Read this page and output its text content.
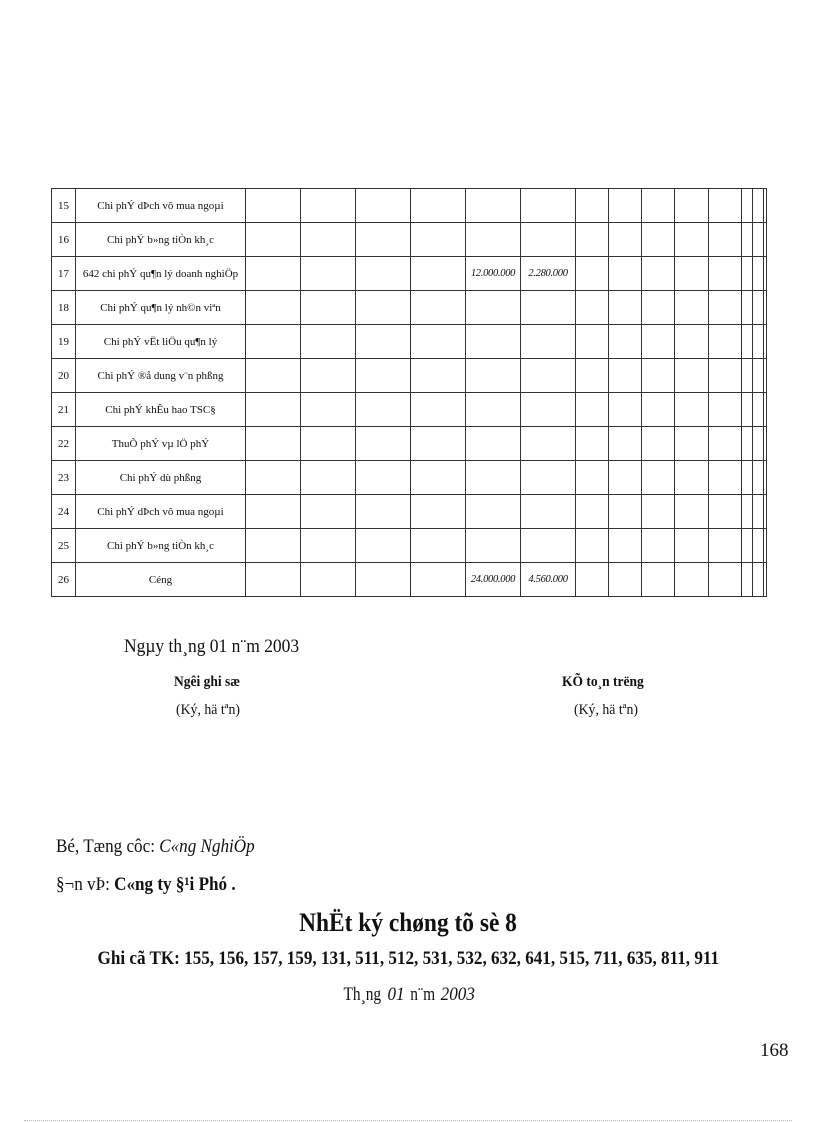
15	Chi phÝ dÞch vô mua ngoµi														
16	Chi phÝ b»ng tiÒn kh¸c														
17	642 chi phÝ qu¶n lý doanh nghiÖp					12.000.000	2.280.000								
18	Chi phÝ qu¶n lý nh©n viªn														
19	Chi phÝ vËt liÖu qu¶n lý														
20	Chi phÝ ®å dung v¨n phßng														
21	Chi phÝ khÊu hao TSC§														
22	ThuÕ phÝ vµ lÖ phÝ														
23	Chi phÝ dù phßng														
24	Chi phÝ dÞch vô mua ngoµi														
25	Chi phÝ b»ng tiÒn kh¸c														
26	Céng					24.000.000	4.560.000								
Ngµy th¸ng 01 n¨m 2003
Ngêi ghi sæ
(Ký, hä tªn)
KÕ to¸n trëng
(Ký, hä tªn)
Bé, Tæng côc: C«ng NghiÖp
§¬n vÞ: C«ng ty §¹i Phó .
NhËt ký chøng tõ sè 8
Ghi cã TK: 155, 156, 157, 159, 131, 511, 512, 531, 532, 632, 641, 515, 711, 635, 811, 911
Th¸ng 01 n¨m 2003
168
